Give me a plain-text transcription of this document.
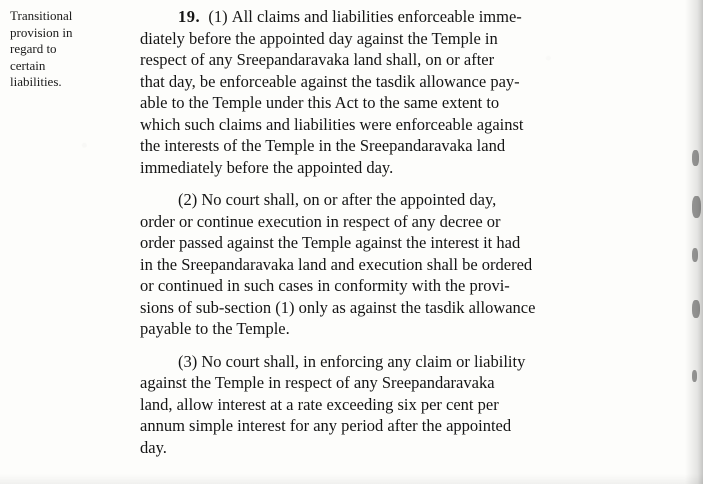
Transitional
provision in
regard to
certain
liabilities.
19. (1) All claims and liabilities enforceable imme-
diately before the appointed day against the Temple in
respect of any Sreepandaravaka land shall, on or after
that day, be enforceable against the tasdik allowance pay-
able to the Temple under this Act to the same extent to
which such claims and liabilities were enforceable against
the interests of the Temple in the Sreepandaravaka land
immediately before the appointed day.
(2) No court shall, on or after the appointed day,
order or continue execution in respect of any decree or
order passed against the Temple against the interest it had
in the Sreepandaravaka land and execution shall be ordered
or continued in such cases in conformity with the provi-
sions of sub-section (1) only as against the tasdik allowance
payable to the Temple.
(3) No court shall, in enforcing any claim or liability
against the Temple in respect of any Sreepandaravaka
land, allow interest at a rate exceeding six per cent per
annum simple interest for any period after the appointed
day.
